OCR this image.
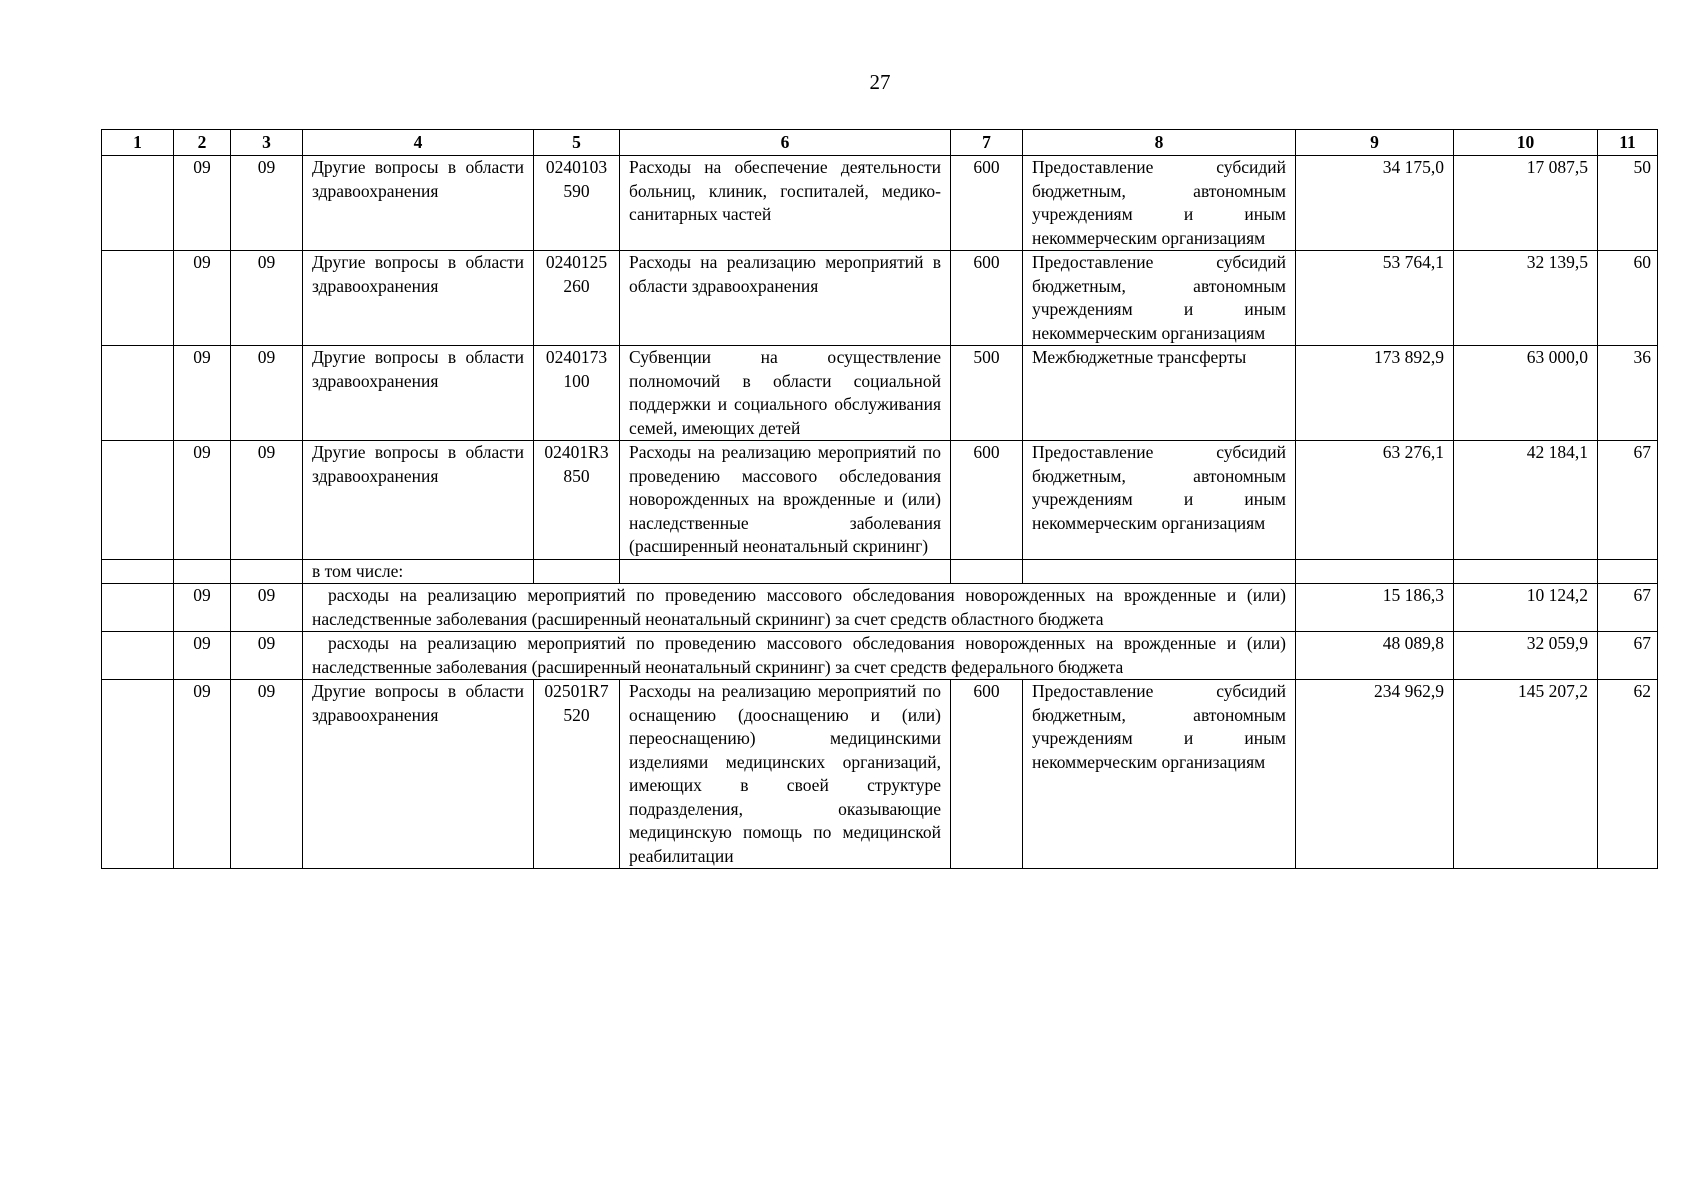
27
1	2	3	4	5	6	7	8	9	10	11
	09	09	Другие вопросы в области здравоохранения	0240103590	Расходы на обеспечение деятельности больниц, клиник, госпиталей, медико-санитарных частей	600	Предоставление субсидий бюджетным, автономным учреждениям и иным некоммерческим организациям	34 175,0	17 087,5	50
	09	09	Другие вопросы в области здравоохранения	0240125260	Расходы на реализацию мероприятий в области здравоохранения	600	Предоставление субсидий бюджетным, автономным учреждениям и иным некоммерческим организациям	53 764,1	32 139,5	60
	09	09	Другие вопросы в области здравоохранения	0240173100	Субвенции на осуществление полномочий в области социальной поддержки и социального обслуживания семей, имеющих детей	500	Межбюджетные трансферты	173 892,9	63 000,0	36
	09	09	Другие вопросы в области здравоохранения	02401R3850	Расходы на реализацию мероприятий по проведению массового обследования новорожденных на врожденные и (или) наследственные заболевания (расширенный неонатальный скрининг)	600	Предоставление субсидий бюджетным, автономным учреждениям и иным некоммерческим организациям	63 276,1	42 184,1	67
			в том числе:							
	09	09	расходы на реализацию мероприятий по проведению массового обследования новорожденных на врожденные и (или) наследственные заболевания (расширенный неонатальный скрининг) за счет средств областного бюджета					15 186,3	10 124,2	67
	09	09	расходы на реализацию мероприятий по проведению массового обследования новорожденных на врожденные и (или) наследственные заболевания (расширенный неонатальный скрининг) за счет средств федерального бюджета					48 089,8	32 059,9	67
	09	09	Другие вопросы в области здравоохранения	02501R7520	Расходы на реализацию мероприятий по оснащению (дооснащению и (или) переоснащению) медицинскими изделиями медицинских организаций, имеющих в своей структуре подразделения, оказывающие медицинскую помощь по медицинской реабилитации	600	Предоставление субсидий бюджетным, автономным учреждениям и иным некоммерческим организациям	234 962,9	145 207,2	62
